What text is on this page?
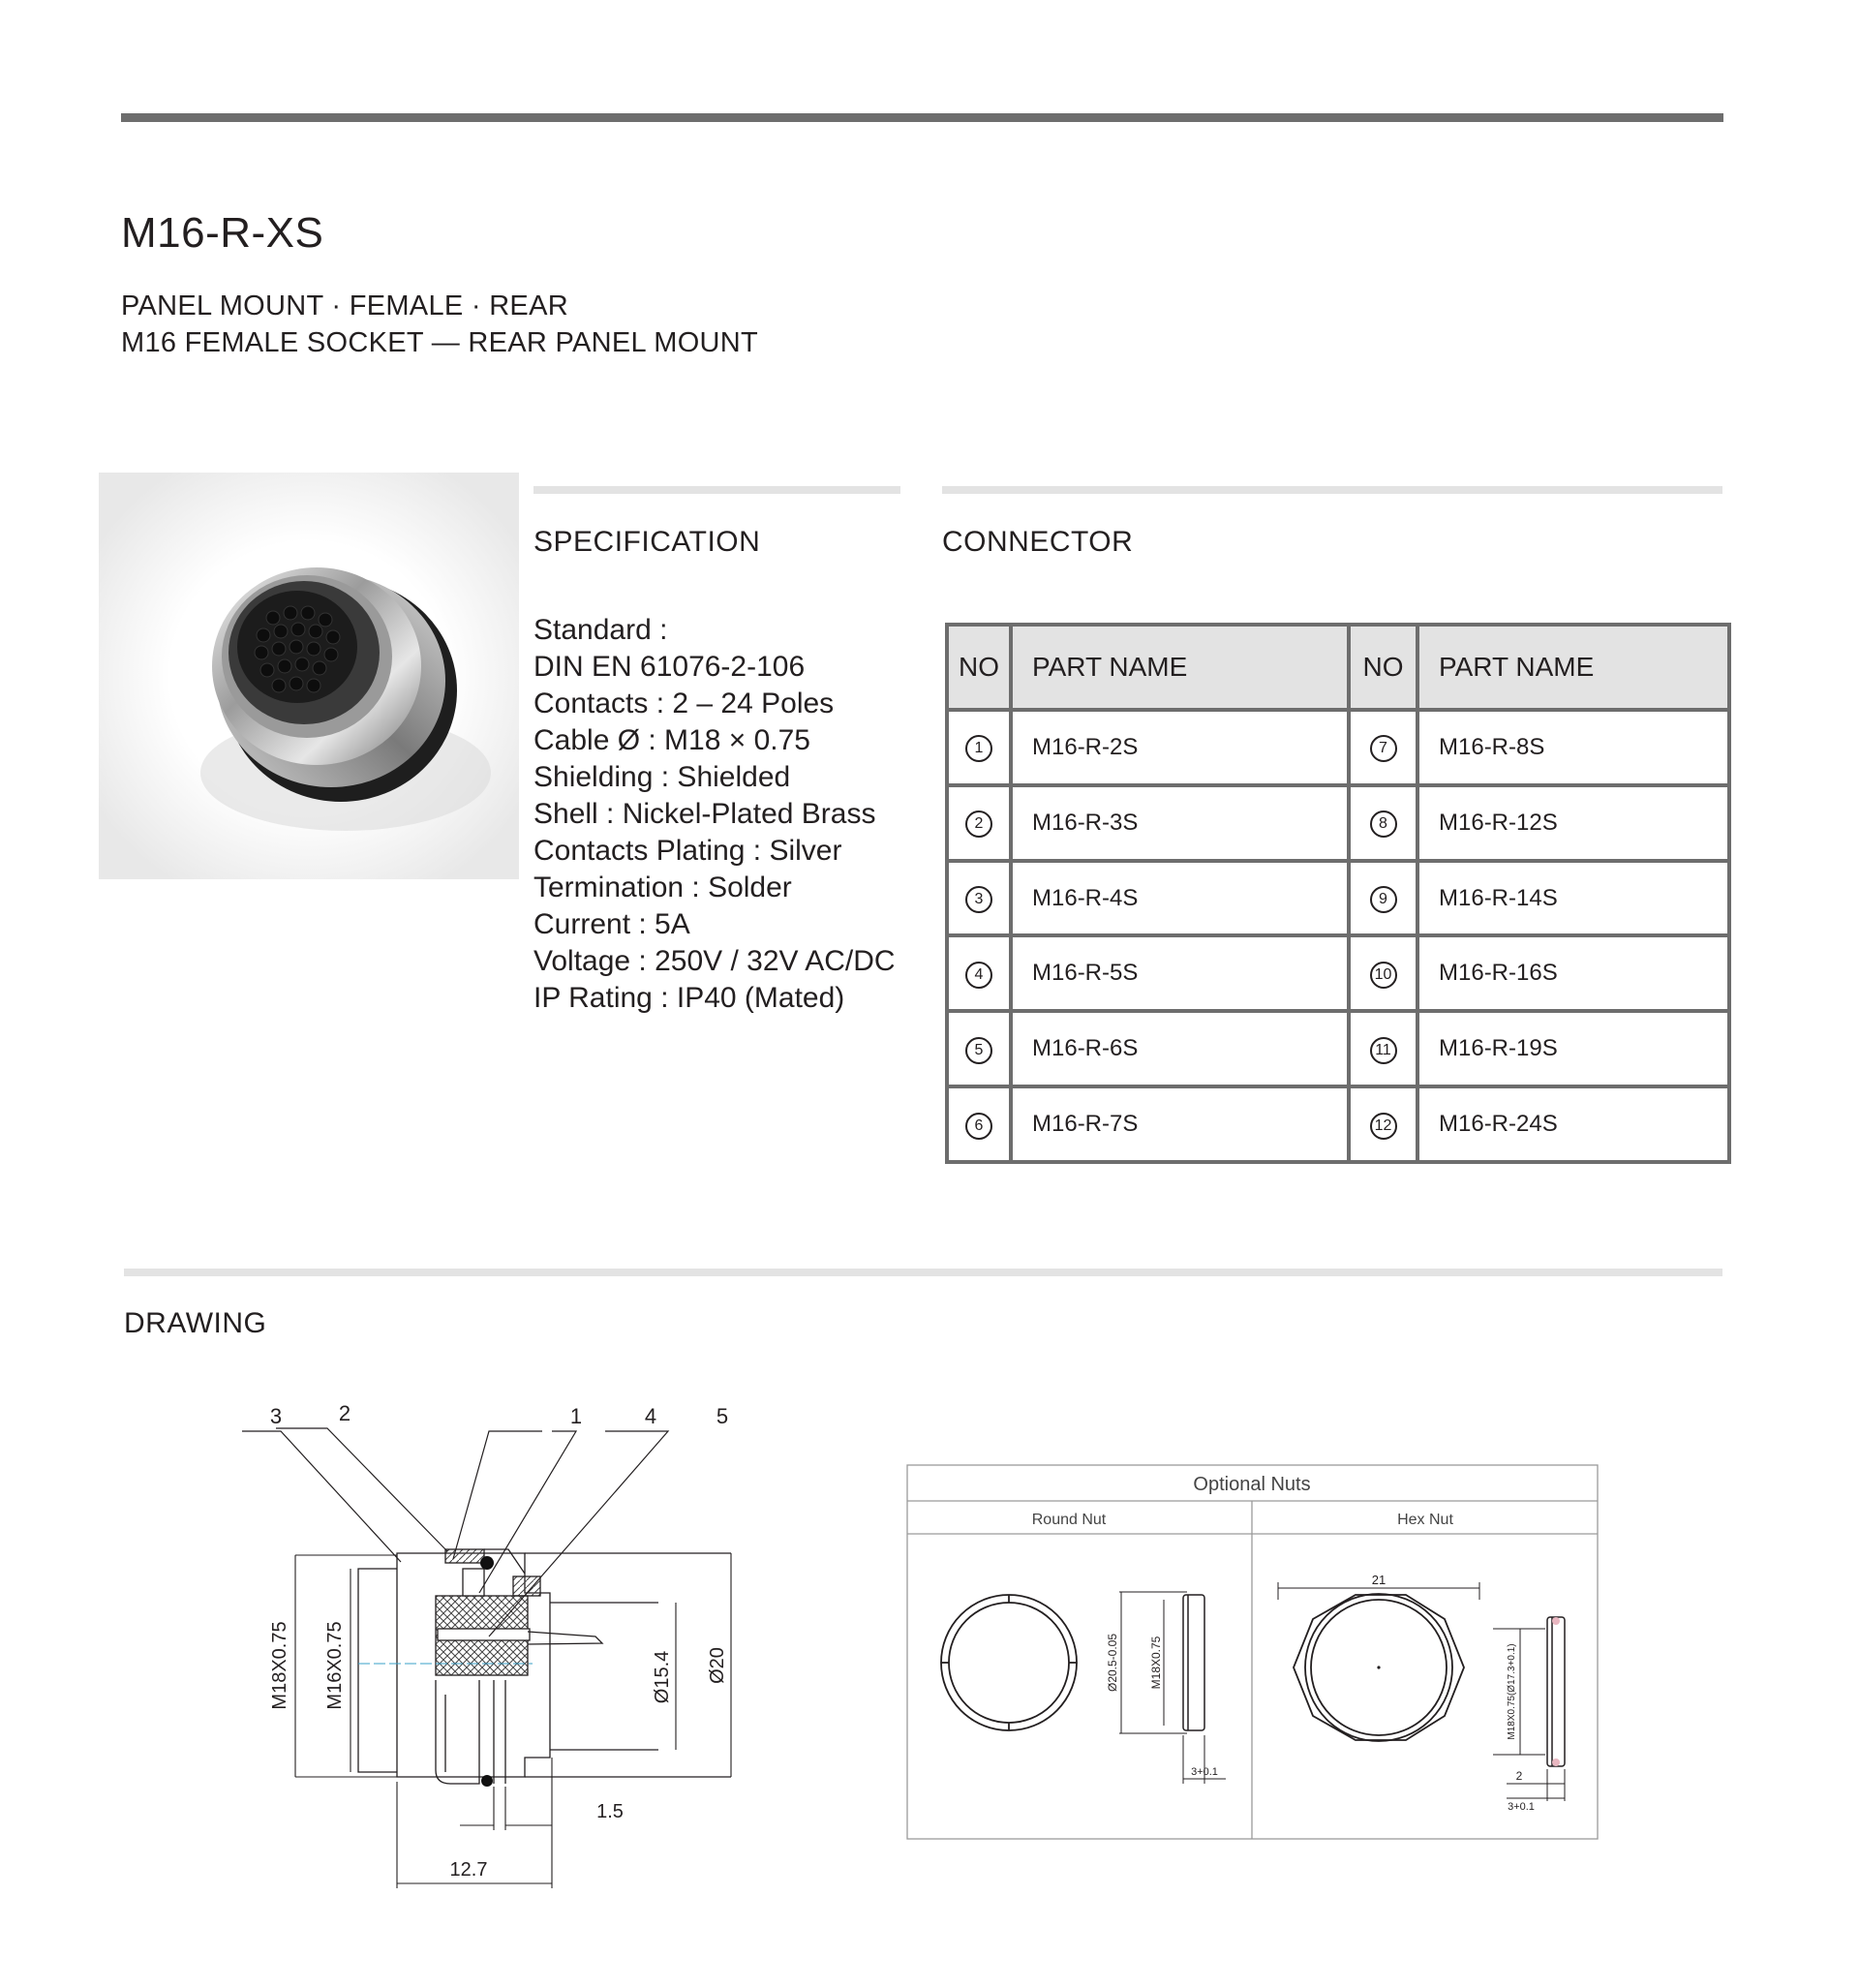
M16-R-XS
PANEL MOUNT · FEMALE · REAR
M16 FEMALE SOCKET — REAR PANEL MOUNT
SPECIFICATION
Standard :
DIN EN 61076-2-106
Contacts : 2 – 24 Poles
Cable Ø : M18 × 0.75
Shielding : Shielded
Shell : Nickel-Plated Brass
Contacts Plating : Silver
Termination : Solder
Current : 5A
Voltage : 250V / 32V AC/DC
IP Rating : IP40 (Mated)
CONNECTOR
NO	PART NAME	NO	PART NAME
1	M16-R-2S	7	M16-R-8S
2	M16-R-3S	8	M16-R-12S
3	M16-R-4S	9	M16-R-14S
4	M16-R-5S	10	M16-R-16S
5	M16-R-6S	11	M16-R-19S
6	M16-R-7S	12	M16-R-24S
DRAWING
3	2	1	4	5
M18X0.75 M16X0.75	Ø15.4 Ø20
1.5
12.7
Optional Nuts
Round Nut	Hex Nut
Ø20.5-0.05	M18X0.75
3+0.1
21
M18X0.75(Ø17.3+0.1)
2
3+0.1
